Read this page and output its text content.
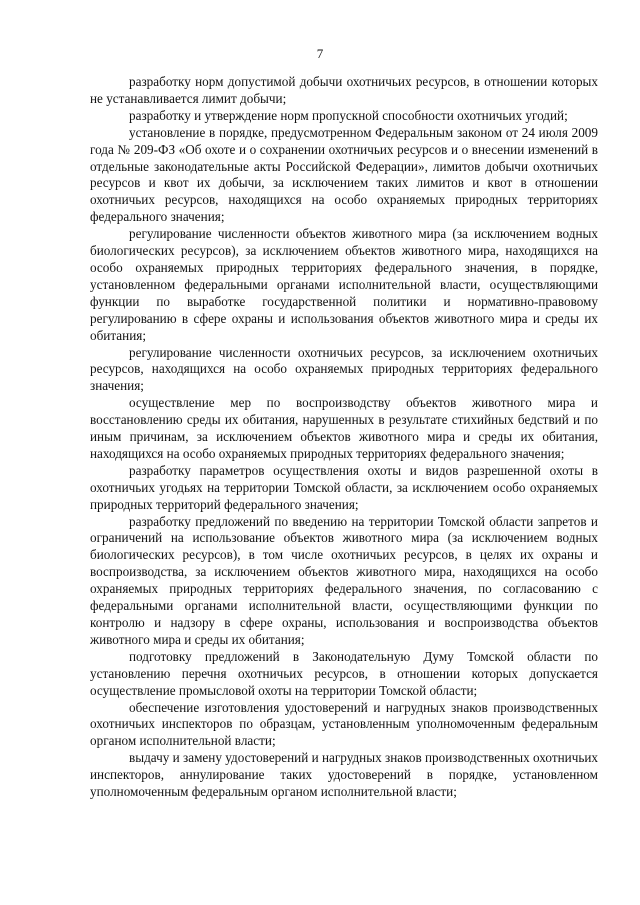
7

разработку норм допустимой добычи охотничьих ресурсов, в отношении которых не устанавливается лимит добычи;

разработку и утверждение норм пропускной способности охотничьих угодий;

установление в порядке, предусмотренном Федеральным законом от 24 июля 2009 года № 209-ФЗ «Об охоте и о сохранении охотничьих ресурсов и о внесении изменений в отдельные законодательные акты Российской Федерации», лимитов добычи охотничьих ресурсов и квот их добычи, за исключением таких лимитов и квот в отношении охотничьих ресурсов, находящихся на особо охраняемых природных территориях федерального значения;

регулирование численности объектов животного мира (за исключением водных биологических ресурсов), за исключением объектов животного мира, находящихся на особо охраняемых природных территориях федерального значения, в порядке, установленном федеральными органами исполнительной власти, осуществляющими функции по выработке государственной политики и нормативно-правовому регулированию в сфере охраны и использования объектов животного мира и среды их обитания;

регулирование численности охотничьих ресурсов, за исключением охотничьих ресурсов, находящихся на особо охраняемых природных территориях федерального значения;

осуществление мер по воспроизводству объектов животного мира и восстановлению среды их обитания, нарушенных в результате стихийных бедствий и по иным причинам, за исключением объектов животного мира и среды их обитания, находящихся на особо охраняемых природных территориях федерального значения;

разработку параметров осуществления охоты и видов разрешенной охоты в охотничьих угодьях на территории Томской области, за исключением особо охраняемых природных территорий федерального значения;

разработку предложений по введению на территории Томской области запретов и ограничений на использование объектов животного мира (за исключением водных биологических ресурсов), в том числе охотничьих ресурсов, в целях их охраны и воспроизводства, за исключением объектов животного мира, находящихся на особо охраняемых природных территориях федерального значения, по согласованию с федеральными органами исполнительной власти, осуществляющими функции по контролю и надзору в сфере охраны, использования и воспроизводства объектов животного мира и среды их обитания;

подготовку предложений в Законодательную Думу Томской области по установлению перечня охотничьих ресурсов, в отношении которых допускается осуществление промысловой охоты на территории Томской области;

обеспечение изготовления удостоверений и нагрудных знаков производственных охотничьих инспекторов по образцам, установленным уполномоченным федеральным органом исполнительной власти;

выдачу и замену удостоверений и нагрудных знаков производственных охотничьих инспекторов, аннулирование таких удостоверений в порядке, установленном уполномоченным федеральным органом исполнительной власти;
